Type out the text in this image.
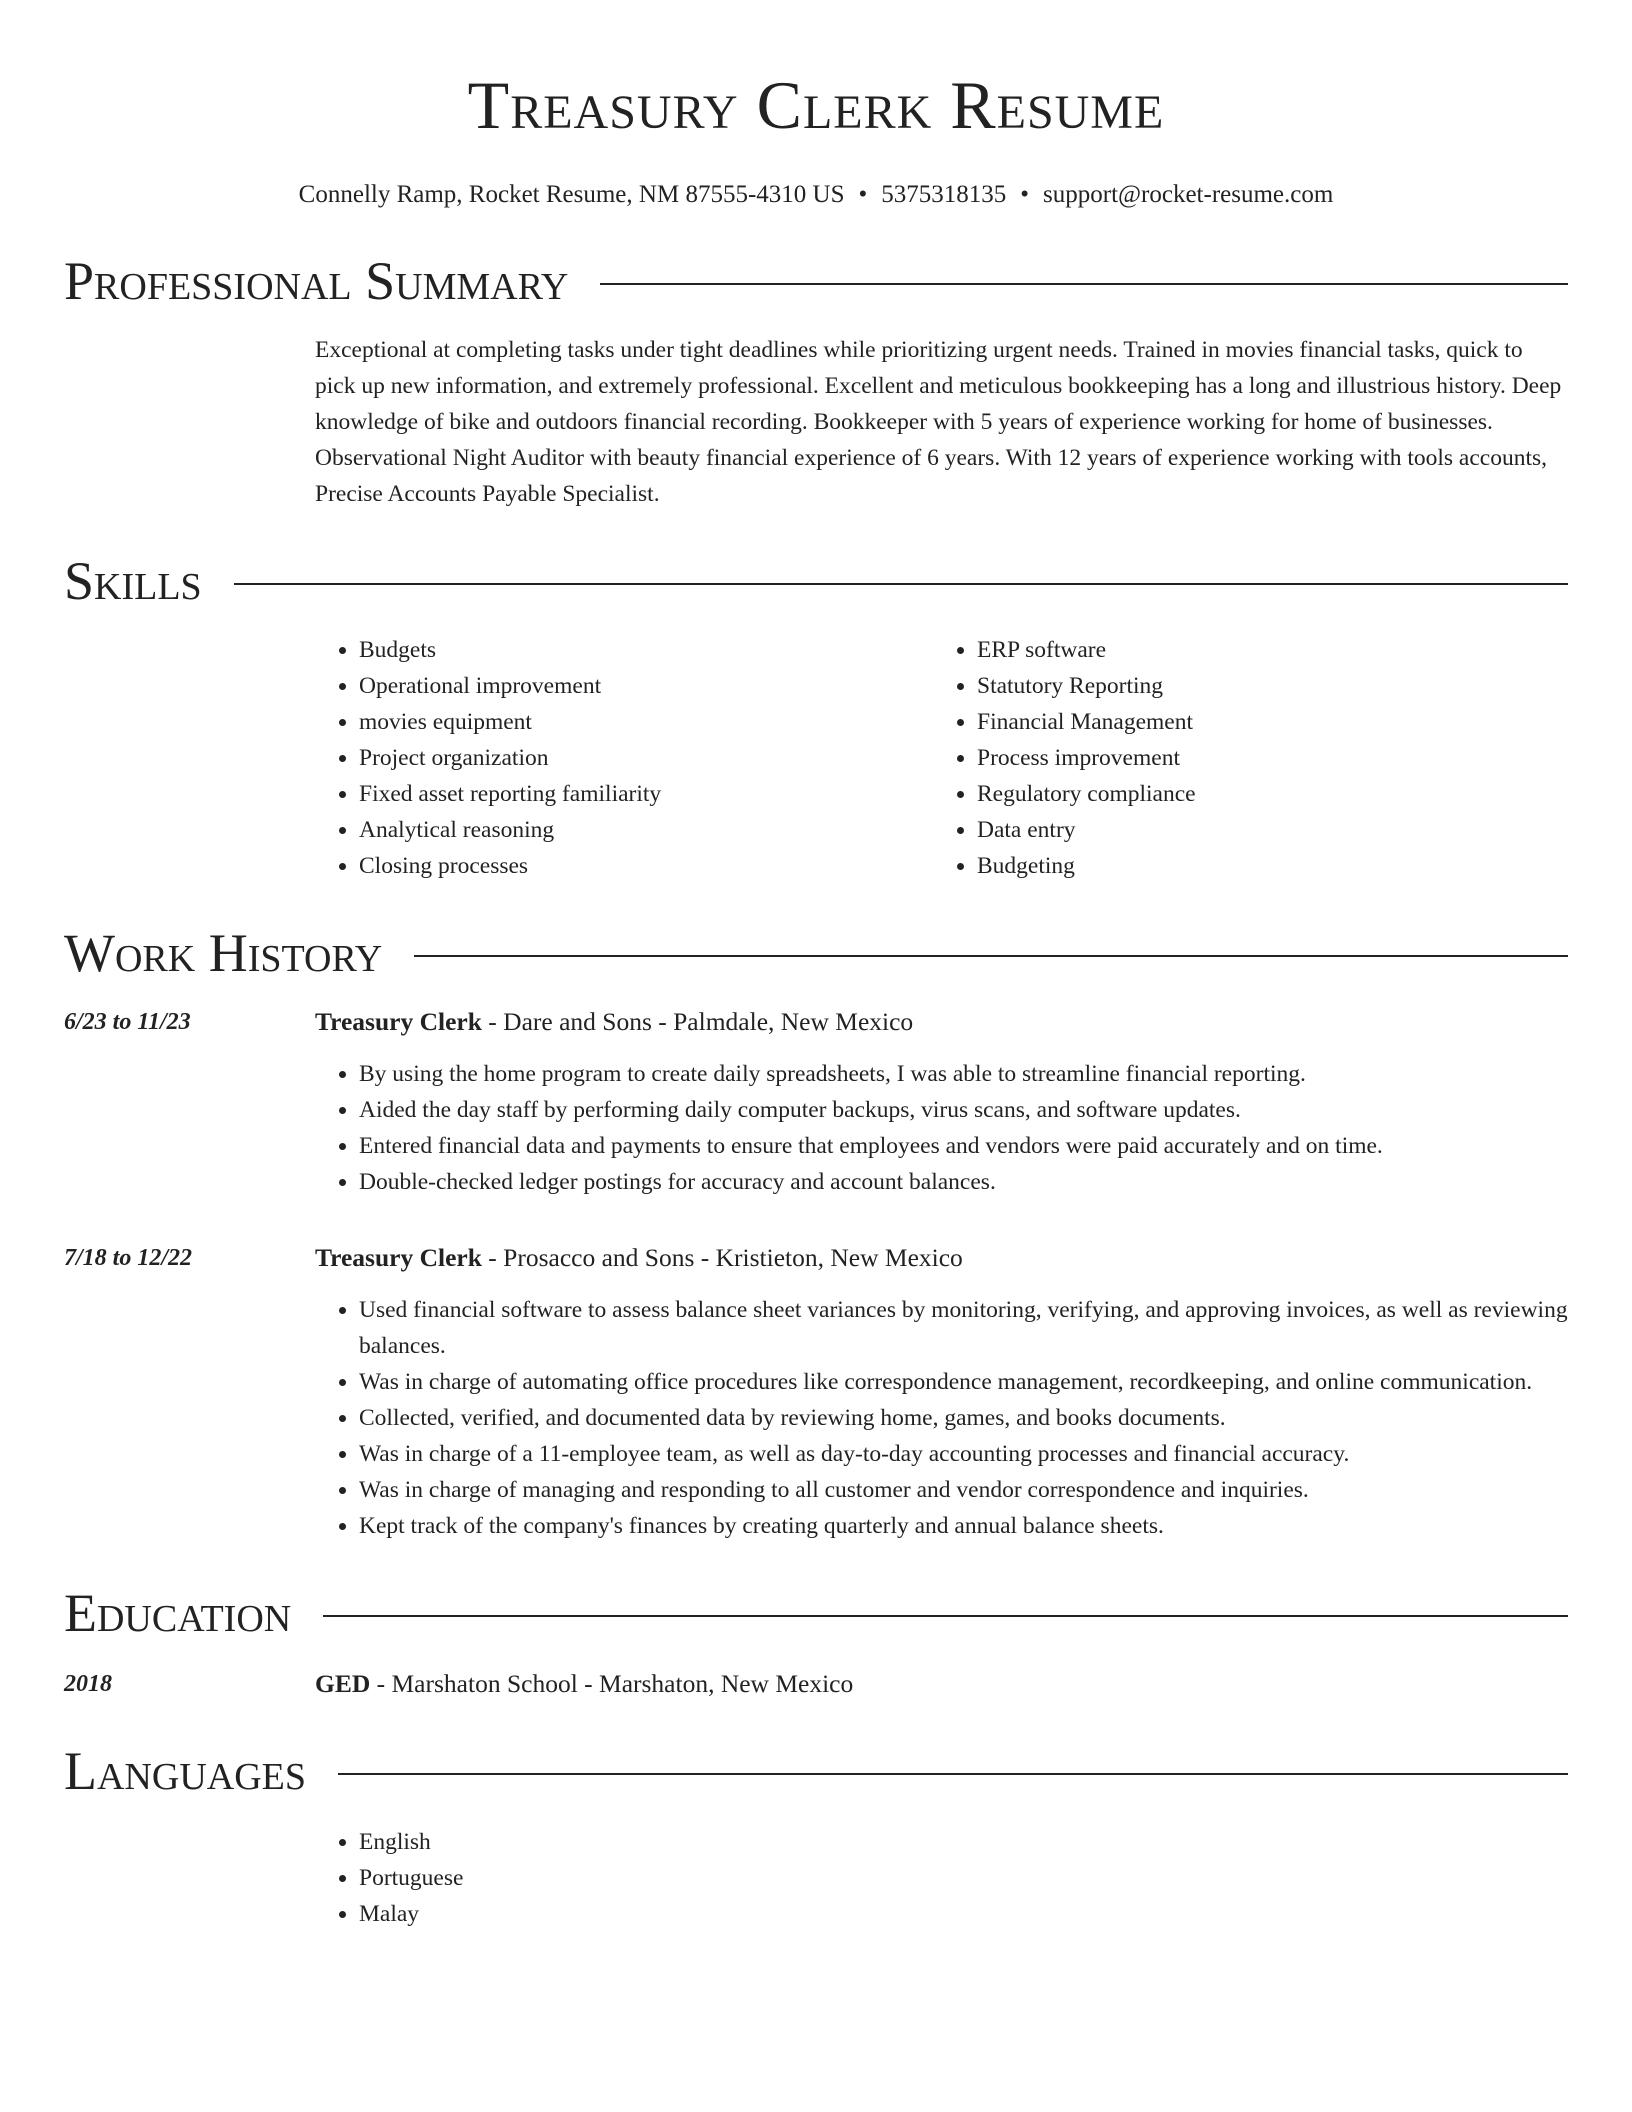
Treasury Clerk Resume
Connelly Ramp, Rocket Resume, NM 87555-4310 US • 5375318135 • support@rocket-resume.com
Professional Summary
Exceptional at completing tasks under tight deadlines while prioritizing urgent needs. Trained in movies financial tasks, quick to pick up new information, and extremely professional. Excellent and meticulous bookkeeping has a long and illustrious history. Deep knowledge of bike and outdoors financial recording. Bookkeeper with 5 years of experience working for home of businesses. Observational Night Auditor with beauty financial experience of 6 years. With 12 years of experience working with tools accounts, Precise Accounts Payable Specialist.
Skills
• Budgets
• Operational improvement
• movies equipment
• Project organization
• Fixed asset reporting familiarity
• Analytical reasoning
• Closing processes
• ERP software
• Statutory Reporting
• Financial Management
• Process improvement
• Regulatory compliance
• Data entry
• Budgeting
Work History
6/23 to 11/23	Treasury Clerk - Dare and Sons - Palmdale, New Mexico
• By using the home program to create daily spreadsheets, I was able to streamline financial reporting.
• Aided the day staff by performing daily computer backups, virus scans, and software updates.
• Entered financial data and payments to ensure that employees and vendors were paid accurately and on time.
• Double-checked ledger postings for accuracy and account balances.
7/18 to 12/22	Treasury Clerk - Prosacco and Sons - Kristieton, New Mexico
• Used financial software to assess balance sheet variances by monitoring, verifying, and approving invoices, as well as reviewing balances.
• Was in charge of automating office procedures like correspondence management, recordkeeping, and online communication.
• Collected, verified, and documented data by reviewing home, games, and books documents.
• Was in charge of a 11-employee team, as well as day-to-day accounting processes and financial accuracy.
• Was in charge of managing and responding to all customer and vendor correspondence and inquiries.
• Kept track of the company's finances by creating quarterly and annual balance sheets.
Education
2018	GED - Marshaton School - Marshaton, New Mexico
Languages
• English
• Portuguese
• Malay
